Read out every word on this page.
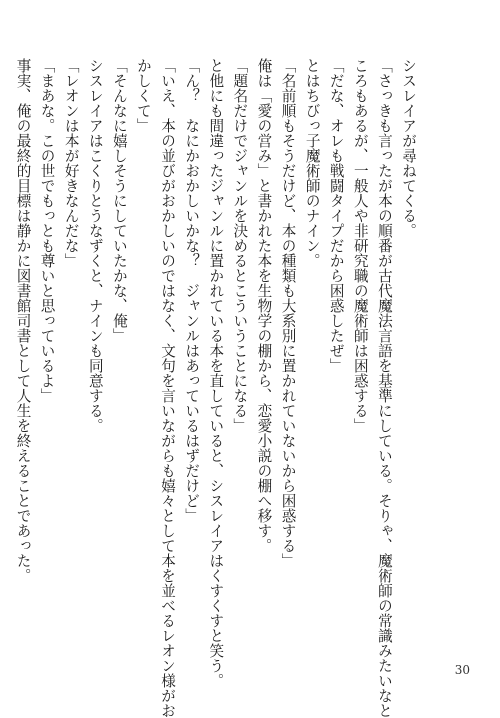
シスレイアが尋ねてくる。
「さっきも言ったが本の順番が古代魔法言語を基準にしている。そりゃ、魔術師の常識みたいなと
ころもあるが、一般人や非研究職の魔術師は困惑する」
「だな、オレも戦闘タイプだから困惑したぜ」
とはちびっ子魔術師のナイン。
「名前順もそうだけど、本の種類も大系別に置かれていないから困惑する」
俺は「愛の営み」と書かれた本を生物学の棚から、恋愛小説の棚へ移す。
「題名だけでジャンルを決めるとこういうことになる」
と他にも間違ったジャンルに置かれている本を直していると、シスレイアはくすくすと笑う。
「ん？　なにかおかしいかな？　ジャンルはあっているはずだけど」
「いえ、本の並びがおかしいのではなく、文句を言いながらも嬉々として本を並べるレオン様がお
かしくて」
「そんなに嬉しそうにしていたかな、俺」
シスレイアはこくりとうなずくと、ナインも同意する。
「レオンは本が好きなんだな」
「まあな。この世でもっとも尊いと思っているよ」
事実、俺の最終的目標は静かに図書館司書として人生を終えることであった。
30
